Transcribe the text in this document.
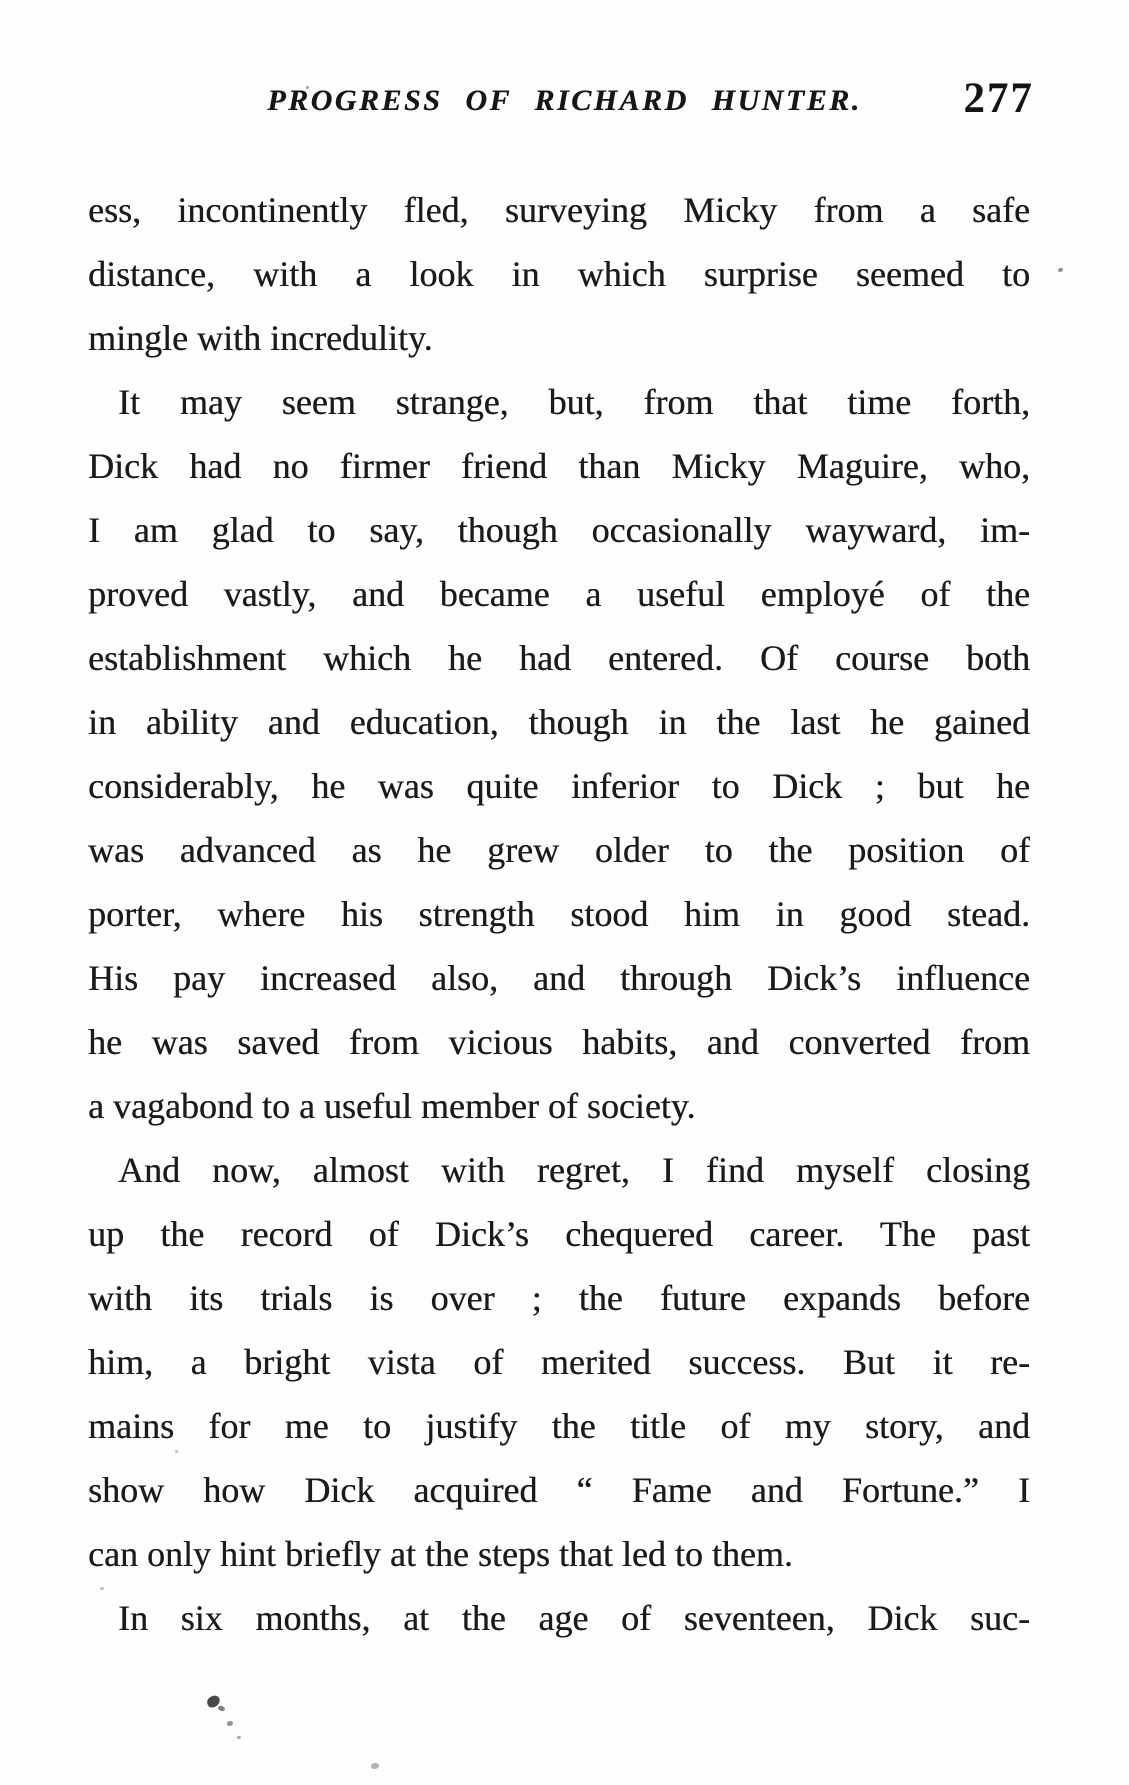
PROGRESS OF RICHARD HUNTER.	277
ess, incontinently fled, surveying Micky from a safe
distance, with a look in which surprise seemed to
mingle with incredulity.
It may seem strange, but, from that time forth,
Dick had no firmer friend than Micky Maguire, who,
I am glad to say, though occasionally wayward, im-
proved vastly, and became a useful employé of the
establishment which he had entered. Of course both
in ability and education, though in the last he gained
considerably, he was quite inferior to Dick ; but he
was advanced as he grew older to the position of
porter, where his strength stood him in good stead.
His pay increased also, and through Dick’s influence
he was saved from vicious habits, and converted from
a vagabond to a useful member of society.
And now, almost with regret, I find myself closing
up the record of Dick’s chequered career. The past
with its trials is over ; the future expands before
him, a bright vista of merited success. But it re-
mains for me to justify the title of my story, and
show how Dick acquired “ Fame and Fortune.” I
can only hint briefly at the steps that led to them.
In six months, at the age of seventeen, Dick suc-
